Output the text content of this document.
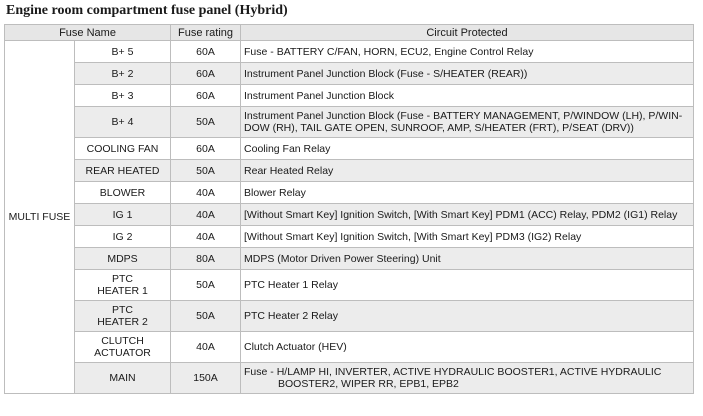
Engine room compartment fuse panel (Hybrid)
Fuse Name		Fuse rating	Circuit Protected
MULTI FUSE	B+ 5	60A	Fuse - BATTERY C/FAN, HORN, ECU2, Engine Control Relay

	B+ 2	60A	Instrument Panel Junction Block (Fuse - S/HEATER (REAR))

	B+ 3	60A	Instrument Panel Junction Block

	B+ 4	50A	Instrument Panel Junction Block (Fuse - BATTERY MANAGEMENT, P/WINDOW (LH), P/WIN-
DOW (RH), TAIL GATE OPEN, SUNROOF, AMP, S/HEATER (FRT), P/SEAT (DRV))

	COOLING FAN	60A	Cooling Fan Relay

	REAR HEATED	50A	Rear Heated Relay

	BLOWER	40A	Blower Relay

	IG 1	40A	[Without Smart Key] Ignition Switch, [With Smart Key] PDM1 (ACC) Relay, PDM2 (IG1) Relay

	IG 2	40A	[Without Smart Key] Ignition Switch, [With Smart Key] PDM3 (IG2) Relay

	MDPS	80A	MDPS (Motor Driven Power Steering) Unit

	PTC
HEATER 1	50A	PTC Heater 1 Relay

	PTC
HEATER 2	50A	PTC Heater 2 Relay

	CLUTCH
ACTUATOR	40A	Clutch Actuator (HEV)

	MAIN	150A	Fuse - H/LAMP HI, INVERTER, ACTIVE HYDRAULIC BOOSTER1, ACTIVE HYDRAULIC
BOOSTER2, WIPER RR, EPB1, EPB2
